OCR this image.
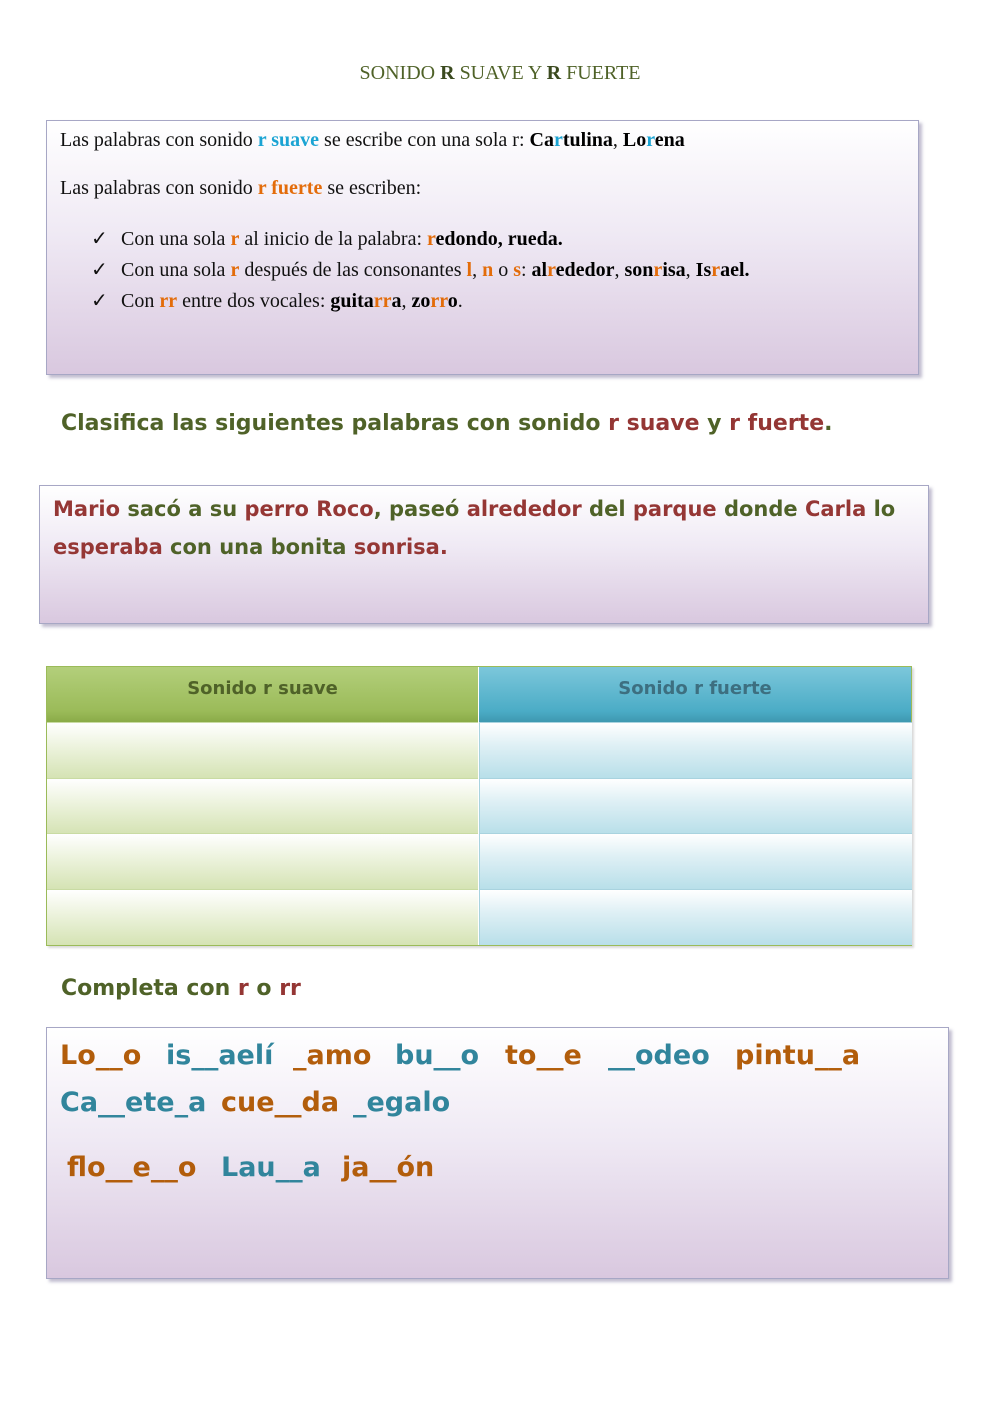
SONIDO R SUAVE Y R FUERTE

Las palabras con sonido r suave se escribe con una sola r: Cartulina, Lorena

Las palabras con sonido r fuerte se escriben:

✓ Con una sola r al inicio de la palabra: redondo, rueda.

✓ Con una sola r después de las consonantes l, n o s: alrededor, sonrisa, Israel.

✓ Con rr entre dos vocales: guitarra, zorro.

Clasifica las siguientes palabras con sonido r suave y r fuerte.
Mario sacó a su perro Roco, paseó alrededor del parque donde Carla lo
esperaba con una bonita sonrisa.
Sonido r suave	Sonido r fuerte
Completa con r o rr
Lo__o is__aelí _amo bu__o to__e __odeo pintu__a
Ca__ete_a cue__da _egalo
flo__e__o Lau__a ja__ón
